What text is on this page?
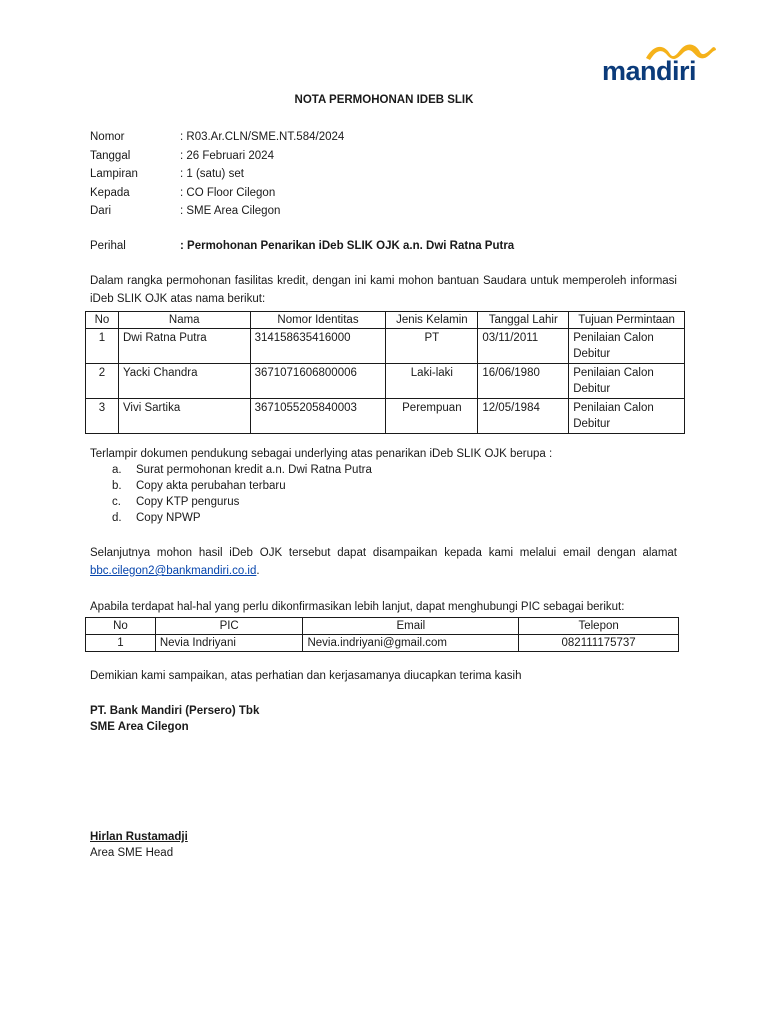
mandiri
NOTA PERMOHONAN IDEB SLIK
Nomor	: R03.Ar.CLN/SME.NT.584/2024
Tanggal	: 26 Februari 2024
Lampiran	: 1 (satu) set
Kepada	: CO Floor Cilegon
Dari	: SME Area Cilegon
Perihal	: Permohonan Penarikan iDeb SLIK OJK a.n. Dwi Ratna Putra
Dalam rangka permohonan fasilitas kredit, dengan ini kami mohon bantuan Saudara untuk memperoleh informasi iDeb SLIK OJK atas nama berikut:
No	Nama	Nomor Identitas	Jenis Kelamin	Tanggal Lahir	Tujuan Permintaan
1	Dwi Ratna Putra	314158635416000	PT	03/11/2011	Penilaian Calon Debitur
2	Yacki Chandra	3671071606800006	Laki-laki	16/06/1980	Penilaian Calon Debitur
3	Vivi Sartika	3671055205840003	Perempuan	12/05/1984	Penilaian Calon Debitur
Terlampir dokumen pendukung sebagai underlying atas penarikan iDeb SLIK OJK berupa :
a.	Surat permohonan kredit a.n. Dwi Ratna Putra
b.	Copy akta perubahan terbaru
c.	Copy KTP pengurus
d.	Copy NPWP
Selanjutnya mohon hasil iDeb OJK tersebut dapat disampaikan kepada kami melalui email dengan alamat bbc.cilegon2@bankmandiri.co.id.
Apabila terdapat hal-hal yang perlu dikonfirmasikan lebih lanjut, dapat menghubungi PIC sebagai berikut:
No	PIC	Email	Telepon
1	Nevia Indriyani	Nevia.indriyani@gmail.com	082111175737
Demikian kami sampaikan, atas perhatian dan kerjasamanya diucapkan terima kasih
PT. Bank Mandiri (Persero) Tbk
SME Area Cilegon
Hirlan Rustamadji
Area SME Head
